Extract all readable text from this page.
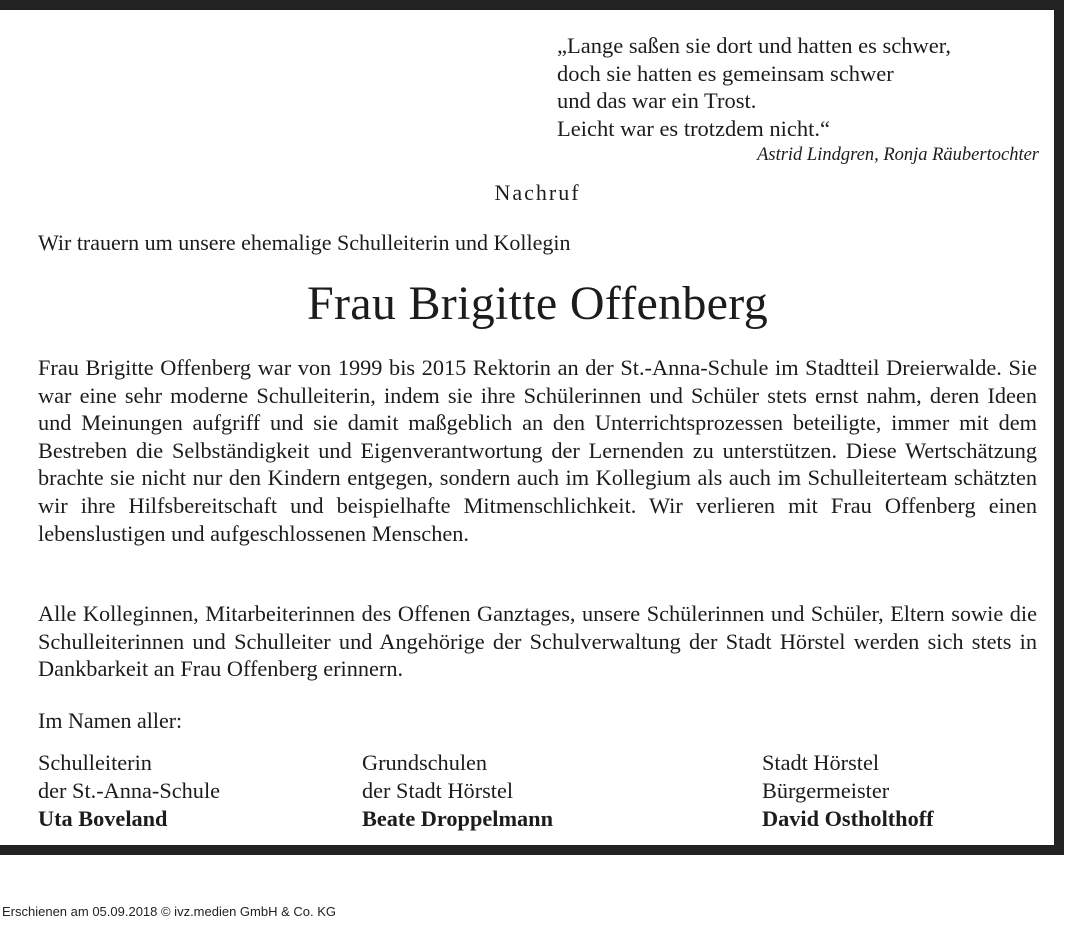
„Lange saßen sie dort und hatten es schwer,
doch sie hatten es gemeinsam schwer
und das war ein Trost.
Leicht war es trotzdem nicht.“
Astrid Lindgren, Ronja Räubertochter
Nachruf
Wir trauern um unsere ehemalige Schulleiterin und Kollegin
Frau Brigitte Offenberg
Frau Brigitte Offenberg war von 1999 bis 2015 Rektorin an der St.-Anna-Schule im Stadtteil Dreierwalde. Sie war eine sehr moderne Schulleiterin, indem sie ihre Schülerinnen und Schüler stets ernst nahm, deren Ideen und Meinungen aufgriff und sie damit maßgeblich an den Unterrichtsprozessen beteiligte, immer mit dem Bestreben die Selbständigkeit und Eigenverantwortung der Lernenden zu unterstützen. Diese Wertschätzung brachte sie nicht nur den Kindern entgegen, sondern auch im Kollegium als auch im Schulleiterteam schätzten wir ihre Hilfsbereitschaft und beispielhafte Mitmenschlichkeit. Wir verlieren mit Frau Offenberg einen lebenslustigen und aufgeschlossenen Menschen.
Alle Kolleginnen, Mitarbeiterinnen des Offenen Ganztages, unsere Schülerinnen und Schüler, Eltern sowie die Schulleiterinnen und Schulleiter und Angehörige der Schulverwaltung der Stadt Hörstel werden sich stets in Dankbarkeit an Frau Offenberg erinnern.
Im Namen aller:
Schulleiterin
der St.-Anna-Schule
Uta Boveland
Grundschulen
der Stadt Hörstel
Beate Droppelmann
Stadt Hörstel
Bürgermeister
David Ostholthoff
Erschienen am 05.09.2018 © ivz.medien GmbH & Co. KG
